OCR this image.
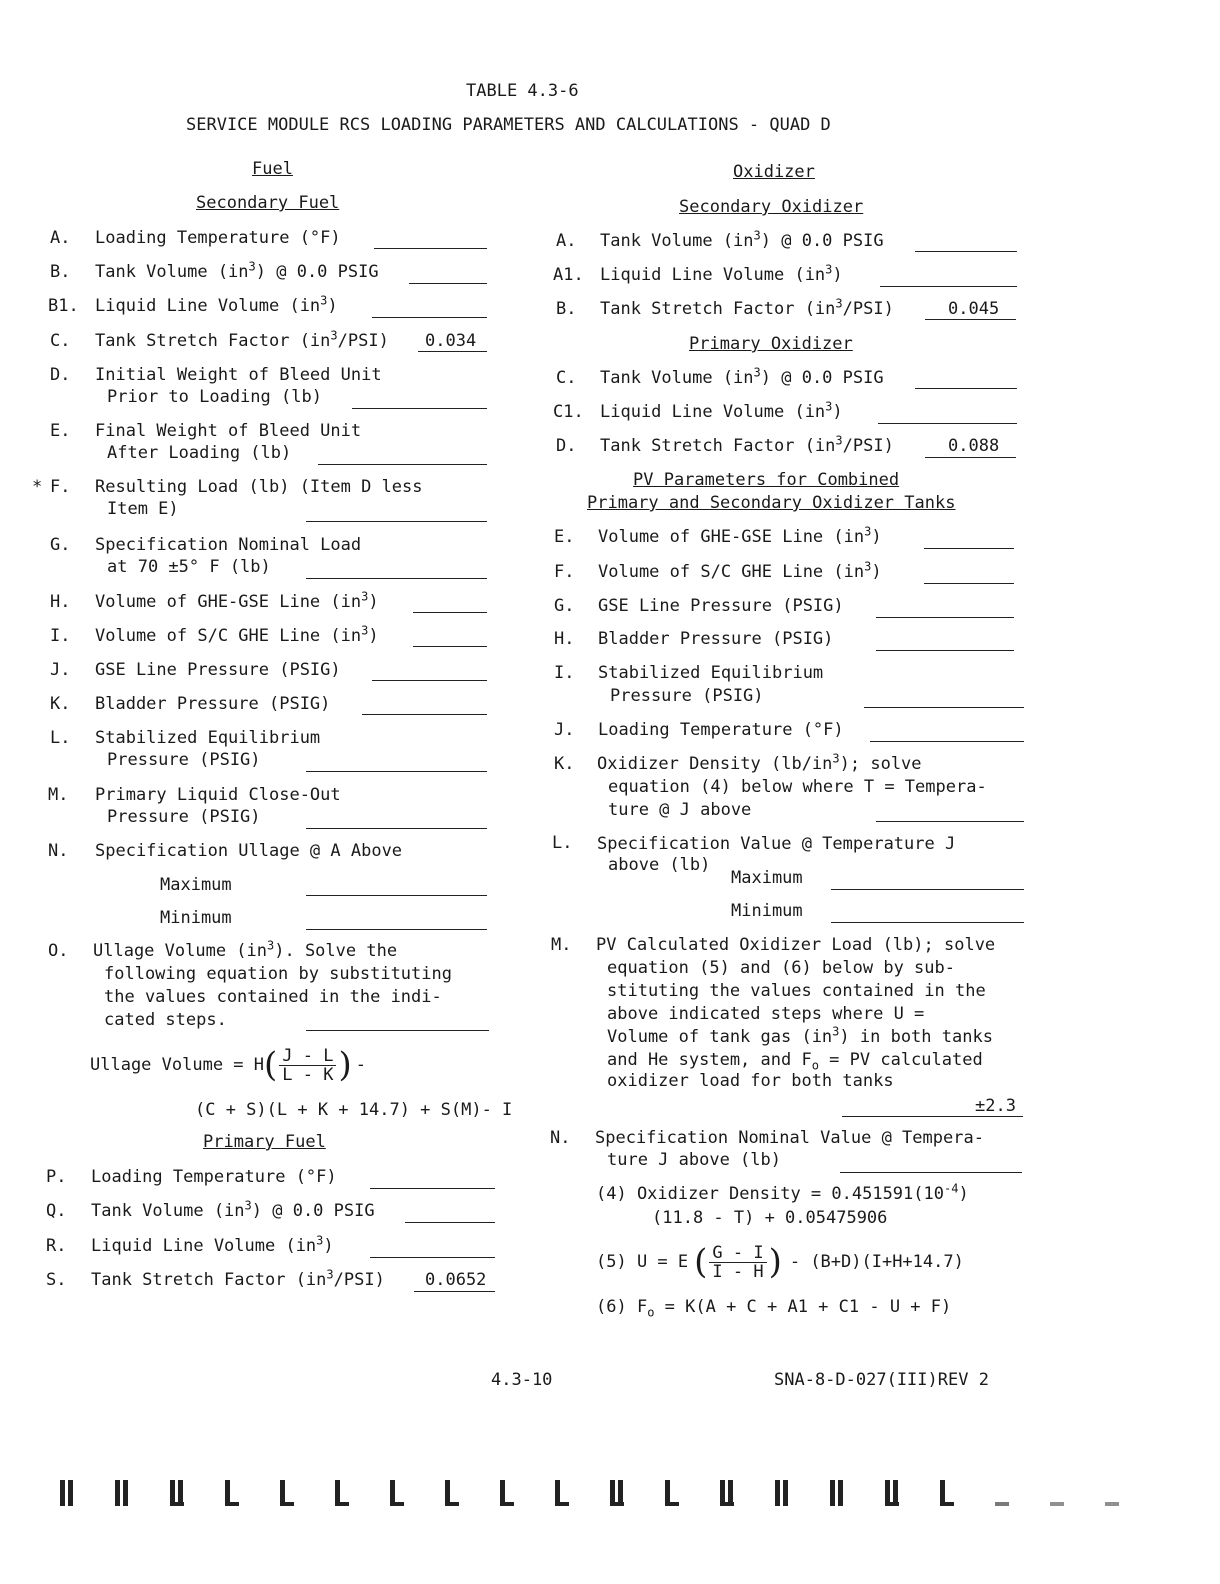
TABLE 4.3-6
SERVICE MODULE RCS LOADING PARAMETERS AND CALCULATIONS - QUAD D
Fuel
Secondary Fuel
A. Loading Temperature (°F)
B. Tank Volume $(in^3)$ @ 0.0 PSIG
B1. Liquid Line Volume $(in^3)$
C. Tank Stretch Factor $(in^3/PSI)$ 0.034
D. Initial Weight of Bleed Unit
Prior to Loading (lb)
E. Final Weight of Bleed Unit
After Loading (lb)
* F. Resulting Load (lb) (Item D less
Item E)
G. Specification Nominal Load
at 70 ±5° F (lb)
H. Volume of GHE-GSE Line $(in^3)$
I. Volume of S/C GHE Line $(in^3)$
J. GSE Line Pressure (PSIG)
K. Bladder Pressure (PSIG)
L. Stabilized Equilibrium
Pressure (PSIG)
M. Primary Liquid Close-Out
Pressure (PSIG)
N. Specification Ullage @ A Above
Maximum
Minimum
O. Ullage Volume $(in^3)$. Solve the
following equation by substituting
the values contained in the indi-
cated steps.
Ullage Volume = H ( $\frac{J - L}{L - K}$ ) -
(C + S)(L + K + 14.7) + S(M)- I
Primary Fuel
P. Loading Temperature (°F)
Q. Tank Volume $(in^3)$ @ 0.0 PSIG
R. Liquid Line Volume $(in^3)$
S. Tank Stretch Factor $(in^3/PSI)$ 0.0652
Oxidizer
Secondary Oxidizer
A. Tank Volume $(in^3)$ @ 0.0 PSIG
A1. Liquid Line Volume $(in^3)$
B. Tank Stretch Factor $(in^3/PSI)$	0.045
Primary Oxidizer
C. Tank Volume $(in^3)$ @ 0.0 PSIG
C1. Liquid Line Volume $(in^3)$
D. Tank Stretch Factor $(in^3/PSI)$	0.088
PV Parameters for Combined
Primary and Secondary Oxidizer Tanks
E. Volume of GHE-GSE Line $(in^3)$
F. Volume of S/C GHE Line $(in^3)$
G. GSE Line Pressure (PSIG)
H. Bladder Pressure (PSIG)
I. Stabilized Equilibrium
Pressure (PSIG)
J. Loading Temperature (°F)
K. Oxidizer Density $(lb/in^3)$; solve
equation (4) below where T = Tempera-
ture @ J above
L. Specification Value @ Temperature J
above (lb)
Maximum
Minimum
M. PV Calculated Oxidizer Load (lb); solve
equation (5) and (6) below by sub-
stituting the values contained in the
above indicated steps where U =
Volume of tank gas $(in^3)$ in both tanks
and He system, and $F_o$ = PV calculated
oxidizer load for both tanks
±2.3
N. Specification Nominal Value @ Tempera-
ture J above (lb)
(4) Oxidizer Density = $0.451591(10^{-4})$
(11.8 - T) + 0.05475906
(5) U = E ( $\frac{G - I}{I - H}$ ) - (B+D)(I+H+14.7)
(6) $F_o = K(A + C + A1 + C1 - U + F)$
4.3-10	SNA-8-D-027(III)REV 2
